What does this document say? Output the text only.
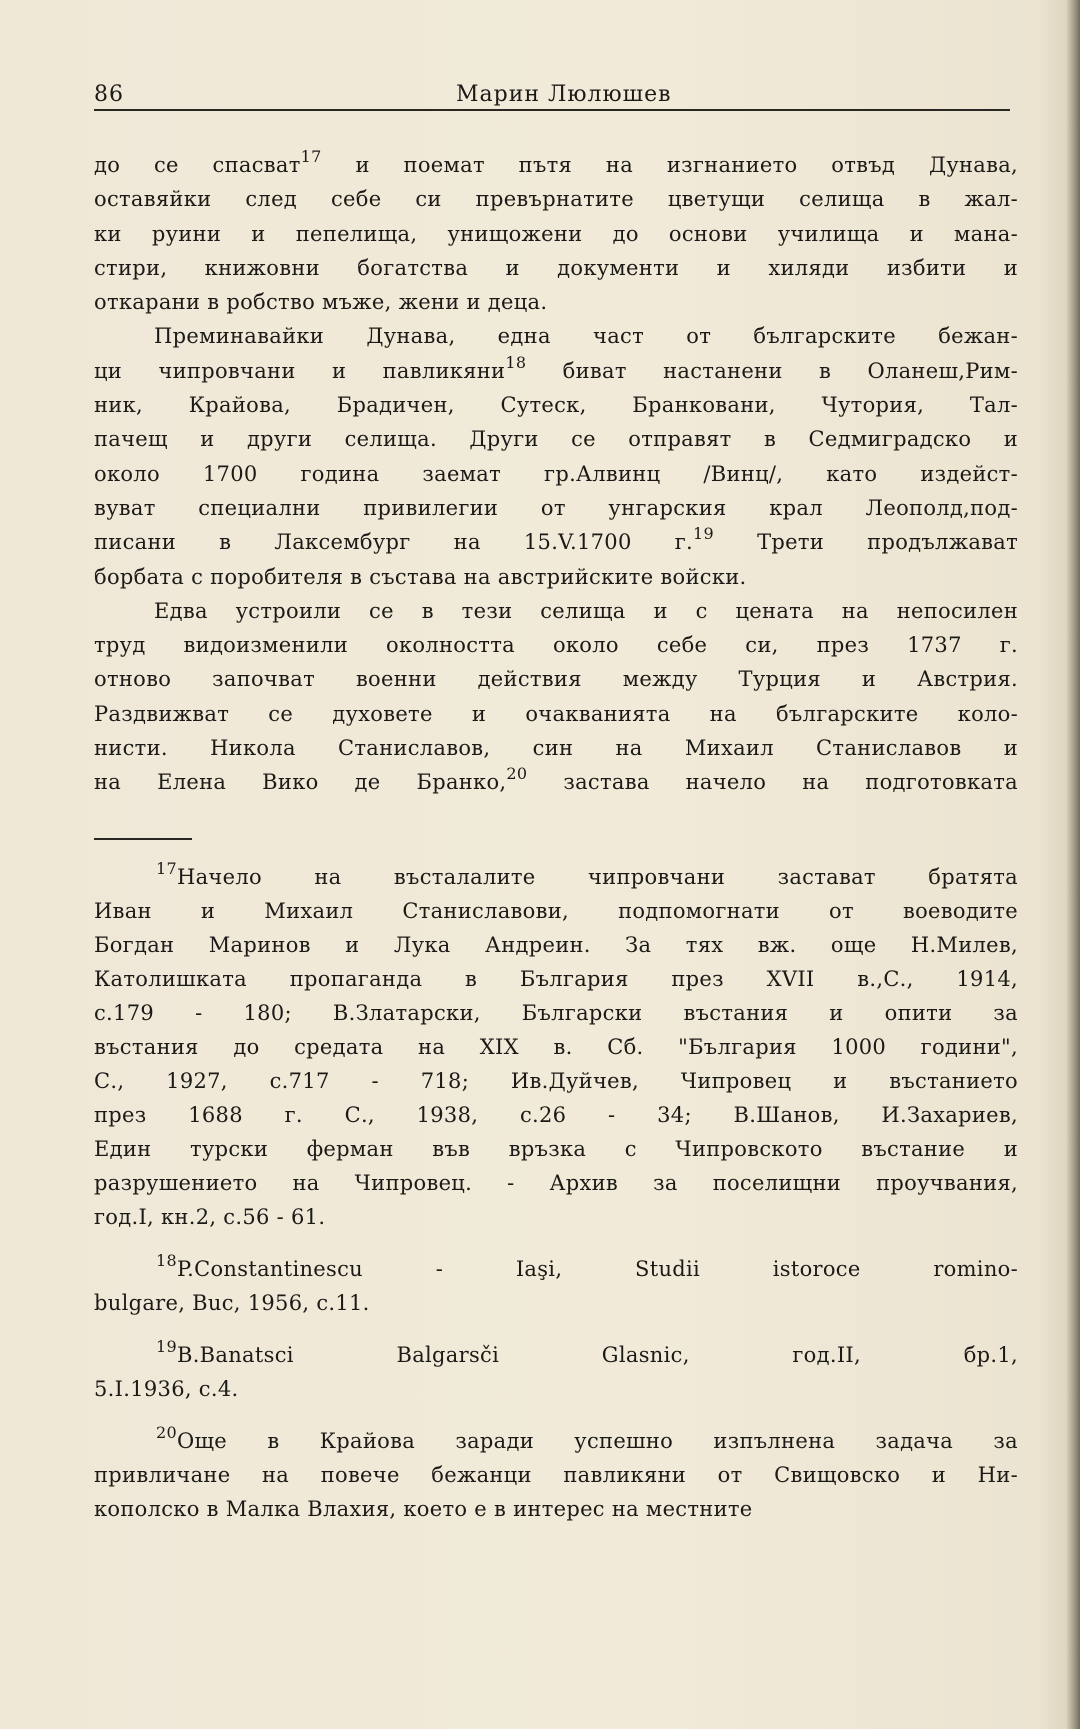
86	Марин Люлюшев
до се спасват$^{17}$ и поемат пътя на изгнанието отвъд Дунава,
оставяйки след себе си превърнатите цветущи селища в жал-
ки руини и пепелища, унищожени до основи училища и мана-
стири, книжовни богатства и документи и хиляди избити и
откарани в робство мъже, жени и деца.
Преминавайки Дунава, една част от българските бежан-
ци чипровчани и павликяни$^{18}$ биват настанени в Оланеш,Рим-
ник, Крайова, Брадичен, Сутеск, Бранковани, Чутория, Тал-
пачещ и други селища. Други се отправят в Седмиградско и
около 1700 година заемат гр.Алвинц /Винц/, като издейст-
вуват специални привилегии от унгарския крал Леополд,под-
писани в Лаксембург на 15.V.1700 г.$^{19}$ Трети продължават
борбата с поробителя в състава на австрийските войски.
Едва устроили се в тези селища и с цената на непосилен
труд видоизменили околността около себе си, през 1737 г.
отново започват военни действия между Турция и Австрия.
Раздвижват се духовете и очакванията на българските коло-
нисти. Никола Станиславов, син на Михаил Станиславов и
на Елена Вико де Бранко,$^{20}$ застава начело на подготовката
$^{17}$Начело на въсталалите чипровчани застават братята
Иван и Михаил Станиславови, подпомогнати от воеводите
Богдан Маринов и Лука Андреин. За тях вж. още Н.Милев,
Католишката пропаганда в България през XVII в.,С., 1914,
с.179 - 180; В.Златарски, Български въстания и опити за
въстания до средата на XIX в. Сб. "България 1000 години",
С., 1927, с.717 - 718; Ив.Дуйчев, Чипровец и въстанието
през 1688 г. С., 1938, с.26 - 34; В.Шанов, И.Захариев,
Един турски ферман във връзка с Чипровското въстание и
разрушението на Чипровец. - Архив за поселищни проучвания,
год.I, кн.2, с.56 - 61.
$^{18}$P.Constantinescu - Iaşi, Studii istoroce romino-
bulgare, Buc, 1956, с.11.
$^{19}$B.Banatsci Balgarsči Glasnic, год.II, бр.1,
5.I.1936, с.4.
$^{20}$Още в Крайова заради успешно изпълнена задача за
привличане на повече бежанци павликяни от Свищовско и Ни-
кополско в Малка Влахия, което е в интерес на местните
